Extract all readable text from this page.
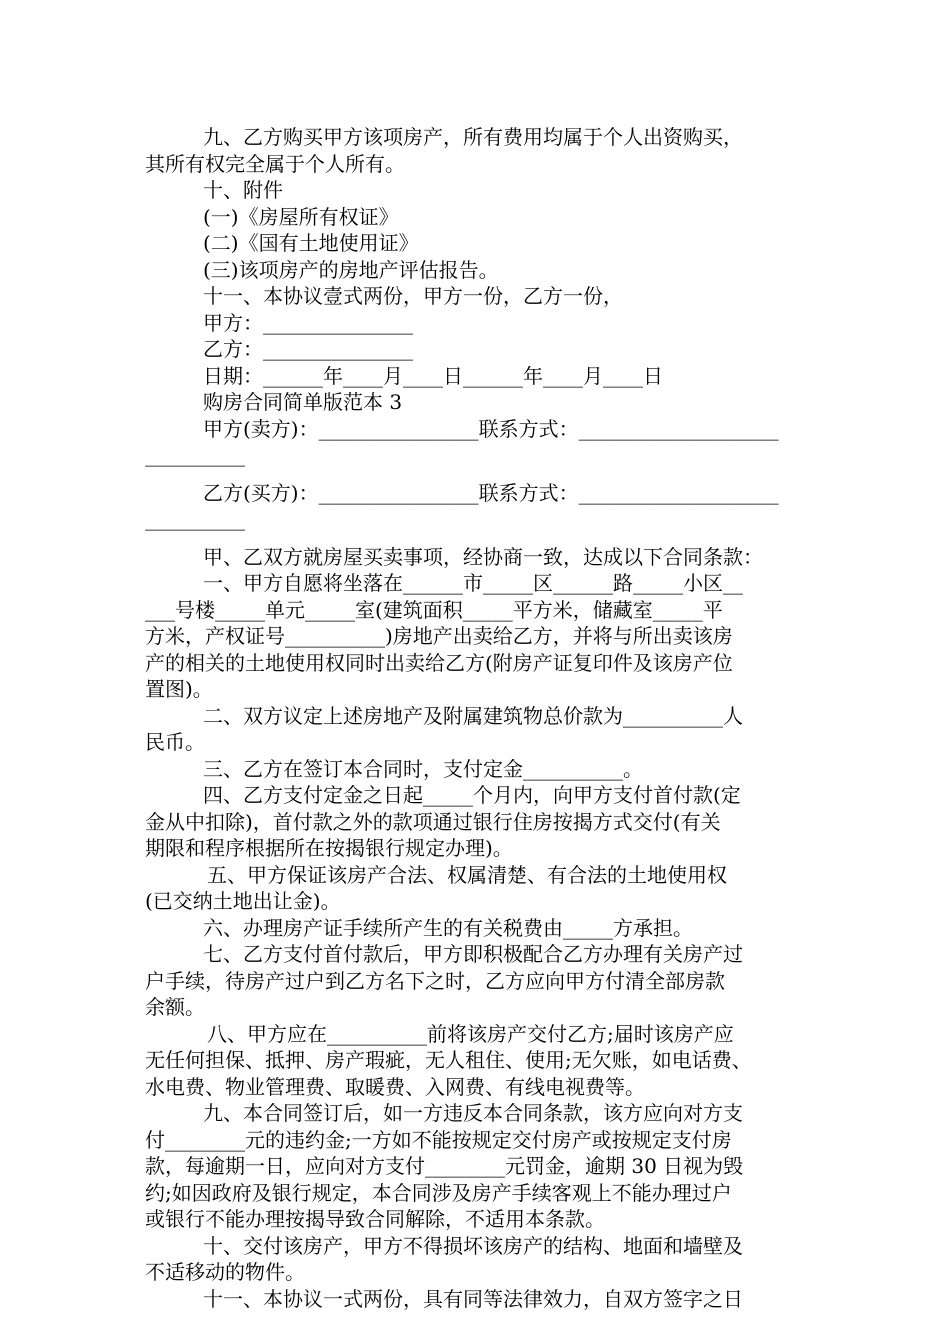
九、乙方购买甲方该项房产，所有费用均属于个人出资购买，
其所有权完全属于个人所有。
十、附件
(一)《房屋所有权证》
(二)《国有土地使用证》
(三)该项房产的房地产评估报告。
十一、本协议壹式两份，甲方一份，乙方一份，
甲方：_______________
乙方：_______________
日期：______年____月____日______年____月____日
购房合同简单版范本 3
甲方(卖方)：________________联系方式：____________________
__________
乙方(买方)：________________联系方式：____________________
__________
甲、乙双方就房屋买卖事项，经协商一致，达成以下合同条款：
一、甲方自愿将坐落在______市_____区______路_____小区__
___号楼_____单元_____室(建筑面积_____平方米，储藏室_____平
方米，产权证号__________)房地产出卖给乙方，并将与所出卖该房
产的相关的土地使用权同时出卖给乙方(附房产证复印件及该房产位
置图)。
二、双方议定上述房地产及附属建筑物总价款为__________人
民币。
三、乙方在签订本合同时，支付定金__________。
四、乙方支付定金之日起_____个月内，向甲方支付首付款(定
金从中扣除)，首付款之外的款项通过银行住房按揭方式交付(有关
期限和程序根据所在按揭银行规定办理)。
五、甲方保证该房产合法、权属清楚、有合法的土地使用权
(已交纳土地出让金)。
六、办理房产证手续所产生的有关税费由_____方承担。
七、乙方支付首付款后，甲方即积极配合乙方办理有关房产过
户手续，待房产过户到乙方名下之时，乙方应向甲方付清全部房款
余额。
八、甲方应在__________前将该房产交付乙方;届时该房产应
无任何担保、抵押、房产瑕疵，无人租住、使用;无欠账，如电话费、
水电费、物业管理费、取暖费、入网费、有线电视费等。
九、本合同签订后，如一方违反本合同条款，该方应向对方支
付________元的违约金;一方如不能按规定交付房产或按规定支付房
款，每逾期一日，应向对方支付________元罚金，逾期 30 日视为毁
约;如因政府及银行规定，本合同涉及房产手续客观上不能办理过户
或银行不能办理按揭导致合同解除，不适用本条款。
十、交付该房产，甲方不得损坏该房产的结构、地面和墙壁及
不适移动的物件。
十一、本协议一式两份，具有同等法律效力，自双方签字之日
